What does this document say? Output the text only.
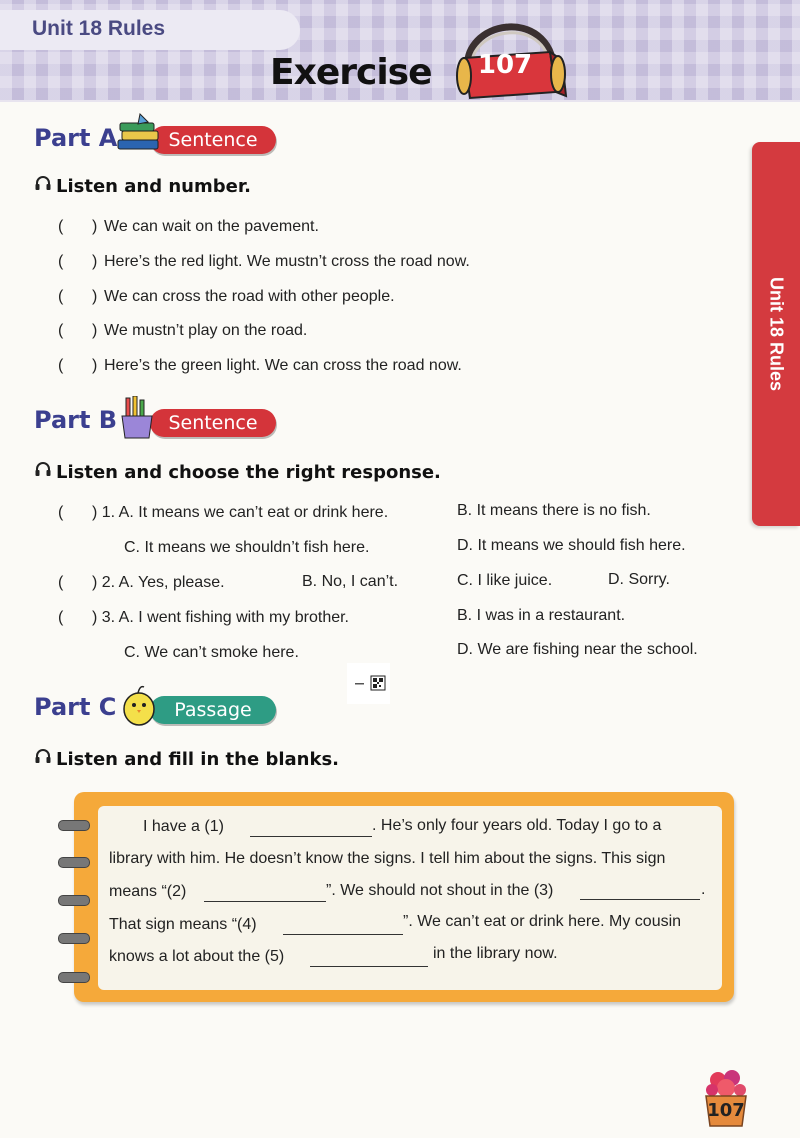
Unit 18 Rules
Exercise	107
Unit 18 Rules
Part A	Sentence
Listen and number.
( ) We can wait on the pavement.
( ) Here’s the red light. We mustn’t cross the road now.
( ) We can cross the road with other people.
( ) We mustn’t play on the road.
( ) Here’s the green light. We can cross the road now.
Part B	Sentence
Listen and choose the right response.
( ) 1. A. It means we can’t eat or drink here.	B. It means there is no fish.
C. It means we shouldn’t fish here.	D. It means we should fish here.
( ) 2. A. Yes, please.	B. No, I can’t.	C. I like juice.	D. Sorry.
( ) 3. A. I went fishing with my brother.	B. I was in a restaurant.
C. We can’t smoke here.	D. We are fishing near the school.
Part C	Passage
Listen and fill in the blanks.
I have a (1)	. He’s only four years old. Today I go to a
library with him. He doesn’t know the signs. I tell him about the signs. This sign
means “(2)	”. We should not shout in the (3)	.
That sign means “(4)	”. We can’t eat or drink here. My cousin
knows a lot about the (5)	in the library now.
107
